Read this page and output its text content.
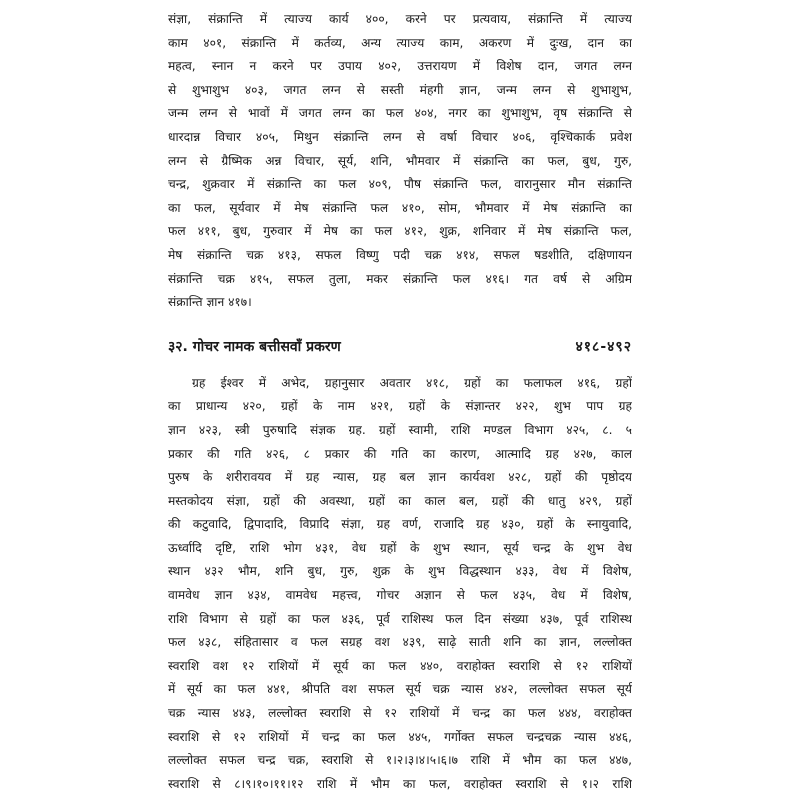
संज्ञा, संक्रान्ति में त्याज्य कार्य ४००, करने पर प्रत्यवाय, संक्रान्ति में त्याज्य
काम ४०१, संक्रान्ति में कर्तव्य, अन्य त्याज्य काम, अकरण में दुःख, दान का
महत्व, स्नान न करने पर उपाय ४०२, उत्तरायण में विशेष दान, जगत लग्न
से शुभाशुभ ४०३, जगत लग्न से सस्ती मंहगी ज्ञान, जन्म लग्न से शुभाशुभ,
जन्म लग्न से भावों में जगत लग्न का फल ४०४, नगर का शुभाशुभ, वृष संक्रान्ति से
धारदान्न विचार ४०५, मिथुन संक्रान्ति लग्न से वर्षा विचार ४०६, वृश्चिकार्क प्रवेश
लग्न से ग्रैष्मिक अन्न विचार, सूर्य, शनि, भौमवार में संक्रान्ति का फल, बुध, गुरु,
चन्द्र, शुक्रवार में संक्रान्ति का फल ४०९, पौष संक्रान्ति फल, वारानुसार मौन संक्रान्ति
का फल, सूर्यवार में मेष संक्रान्ति फल ४१०, सोम, भौमवार में मेष संक्रान्ति का
फल ४११, बुध, गुरुवार में मेष का फल ४१२, शुक्र, शनिवार में मेष संक्रान्ति फल,
मेष संक्रान्ति चक्र ४१३, सफल विष्णु पदी चक्र ४१४, सफल षडशीति, दक्षिणायन
संक्रान्ति चक्र ४१५, सफल तुला, मकर संक्रान्ति फल ४१६। गत वर्ष से अग्रिम
संक्रान्ति ज्ञान ४१७।
३२. गोचर नामक बत्तीसवाँ प्रकरण	४१८-४९२
ग्रह ईश्वर में अभेद, ग्रहानुसार अवतार ४१८, ग्रहों का फलाफल ४१६, ग्रहों
का प्राधान्य ४२०, ग्रहों के नाम ४२१, ग्रहों के संज्ञान्तर ४२२, शुभ पाप ग्रह
ज्ञान ४२३, स्त्री पुरुषादि संज्ञक ग्रह. ग्रहों स्वामी, राशि मण्डल विभाग ४२५, ८. ५
प्रकार की गति ४२६, ८ प्रकार की गति का कारण, आत्मादि ग्रह ४२७, काल
पुरुष के शरीरावयव में ग्रह न्यास, ग्रह बल ज्ञान कार्यवश ४२८, ग्रहों की पृष्ठोदय
मस्तकोदय संज्ञा, ग्रहों की अवस्था, ग्रहों का काल बल, ग्रहों की धातु ४२९, ग्रहों
की कटुवादि, द्विपादादि, विप्रादि संज्ञा, ग्रह वर्ण, राजादि ग्रह ४३०, ग्रहों के स्नायुवादि,
ऊर्ध्वादि दृष्टि, राशि भोग ४३१, वेध ग्रहों के शुभ स्थान, सूर्य चन्द्र के शुभ वेध
स्थान ४३२ भौम, शनि बुध, गुरु, शुक्र के शुभ विद्धस्थान ४३३, वेध में विशेष,
वामवेध ज्ञान ४३४, वामवेध महत्त्व, गोचर अज्ञान से फल ४३५, वेध में विशेष,
राशि विभाग से ग्रहों का फल ४३६, पूर्व राशिस्थ फल दिन संख्या ४३७, पूर्व राशिस्थ
फल ४३८, संहितासार व फल सग्रह वश ४३९, साढ़े साती शनि का ज्ञान, लल्लोक्त
स्वराशि वश १२ राशियों में सूर्य का फल ४४०, वराहोक्त स्वराशि से १२ राशियों
में सूर्य का फल ४४१, श्रीपति वश सफल सूर्य चक्र न्यास ४४२, लल्लोक्त सफल सूर्य
चक्र न्यास ४४३, लल्लोक्त स्वराशि से १२ राशियों में चन्द्र का फल ४४४, वराहोक्त
स्वराशि से १२ राशियों में चन्द्र का फल ४४५, गर्गोक्त सफल चन्द्रचक्र न्यास ४४६,
लल्लोक्त सफल चन्द्र चक्र, स्वराशि से १।२।३।४।५।६।७ राशि में भौम का फल ४४७,
स्वराशि से ८।९।१०।११।१२ राशि में भौम का फल, वराहोक्त स्वराशि से १।२ राशि
